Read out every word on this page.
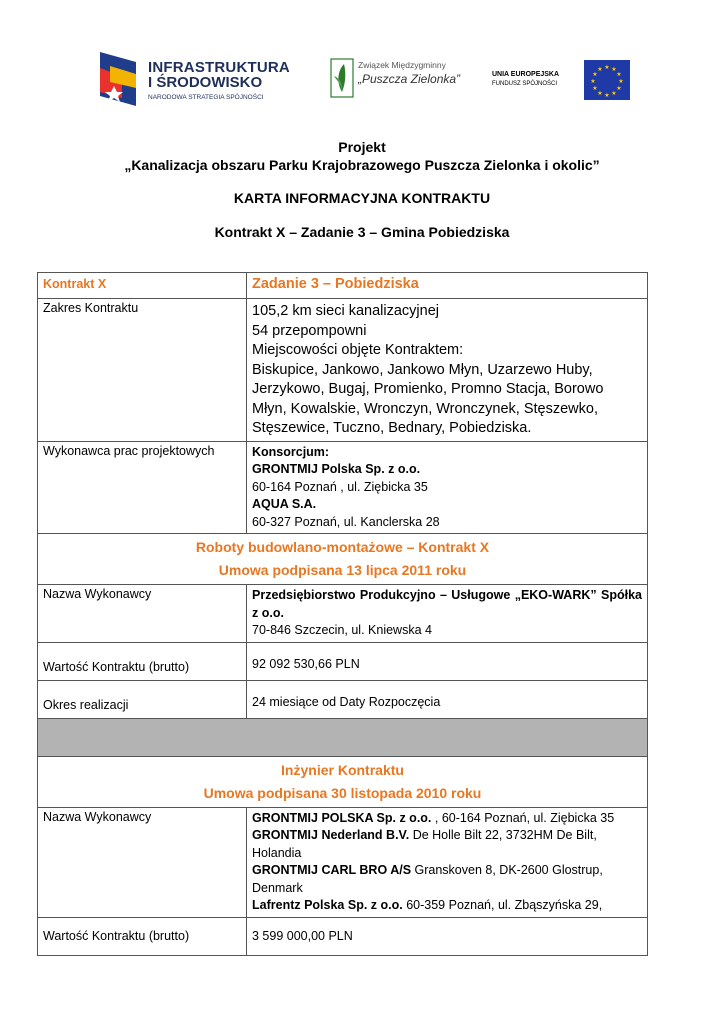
INFRASTRUKTURA
I ŚRODOWISKO
NARODOWA STRATEGIA SPÓJNOŚCI
Związek Międzygminny
„Puszcza Zielonka”	UNIA EUROPEJSKA
FUNDUSZ SPÓJNOŚCI
★ ★
★
★
★
★
★
★
★
★
★
★
Projekt
„Kanalizacja obszaru Parku Krajobrazowego Puszcza Zielonka i okolic”
KARTA INFORMACYJNA KONTRAKTU
Kontrakt X – Zadanie 3 – Gmina Pobiedziska
Kontrakt X	Zadanie 3 – Pobiedziska
Zakres Kontraktu	105,2 km sieci kanalizacyjnej
54 przepompowni
Miejscowości objęte Kontraktem:
Biskupice, Jankowo, Jankowo Młyn, Uzarzewo Huby, Jerzykowo, Bugaj, Promienko, Promno Stacja, Borowo Młyn, Kowalskie, Wronczyn, Wronczynek, Stęszewko, Stęszewice, Tuczno, Bednary, Pobiedziska.

Wykonawca prac projektowych	Konsorcjum:
GRONTMIJ Polska Sp. z o.o.
60-164 Poznań , ul. Ziębicka 35
AQUA S.A.
60-327 Poznań, ul. Kanclerska 28

Roboty budowlano-montażowe – Kontrakt X
Umowa podpisana 13 lipca 2011 roku	

Nazwa Wykonawcy	Przedsiębiorstwo Produkcyjno – Usługowe „EKO-WARK” Spółka z o.o.
70-846 Szczecin, ul. Kniewska 4

Wartość Kontraktu (brutto)	92 092 530,66 PLN
Okres realizacji	24 miesiące od Daty Rozpoczęcia

Inżynier Kontraktu
Umowa podpisana 30 listopada 2010 roku	

Nazwa Wykonawcy	GRONTMIJ POLSKA Sp. z o.o. , 60-164 Poznań, ul. Ziębicka 35
GRONTMIJ Nederland B.V. De Holle Bilt 22, 3732HM De Bilt, Holandia
GRONTMIJ CARL BRO A/S Granskoven 8, DK-2600 Glostrup, Denmark
Lafrentz Polska Sp. z o.o. 60-359 Poznań, ul. Zbąszyńska 29,

Wartość Kontraktu (brutto)	3 599 000,00 PLN
